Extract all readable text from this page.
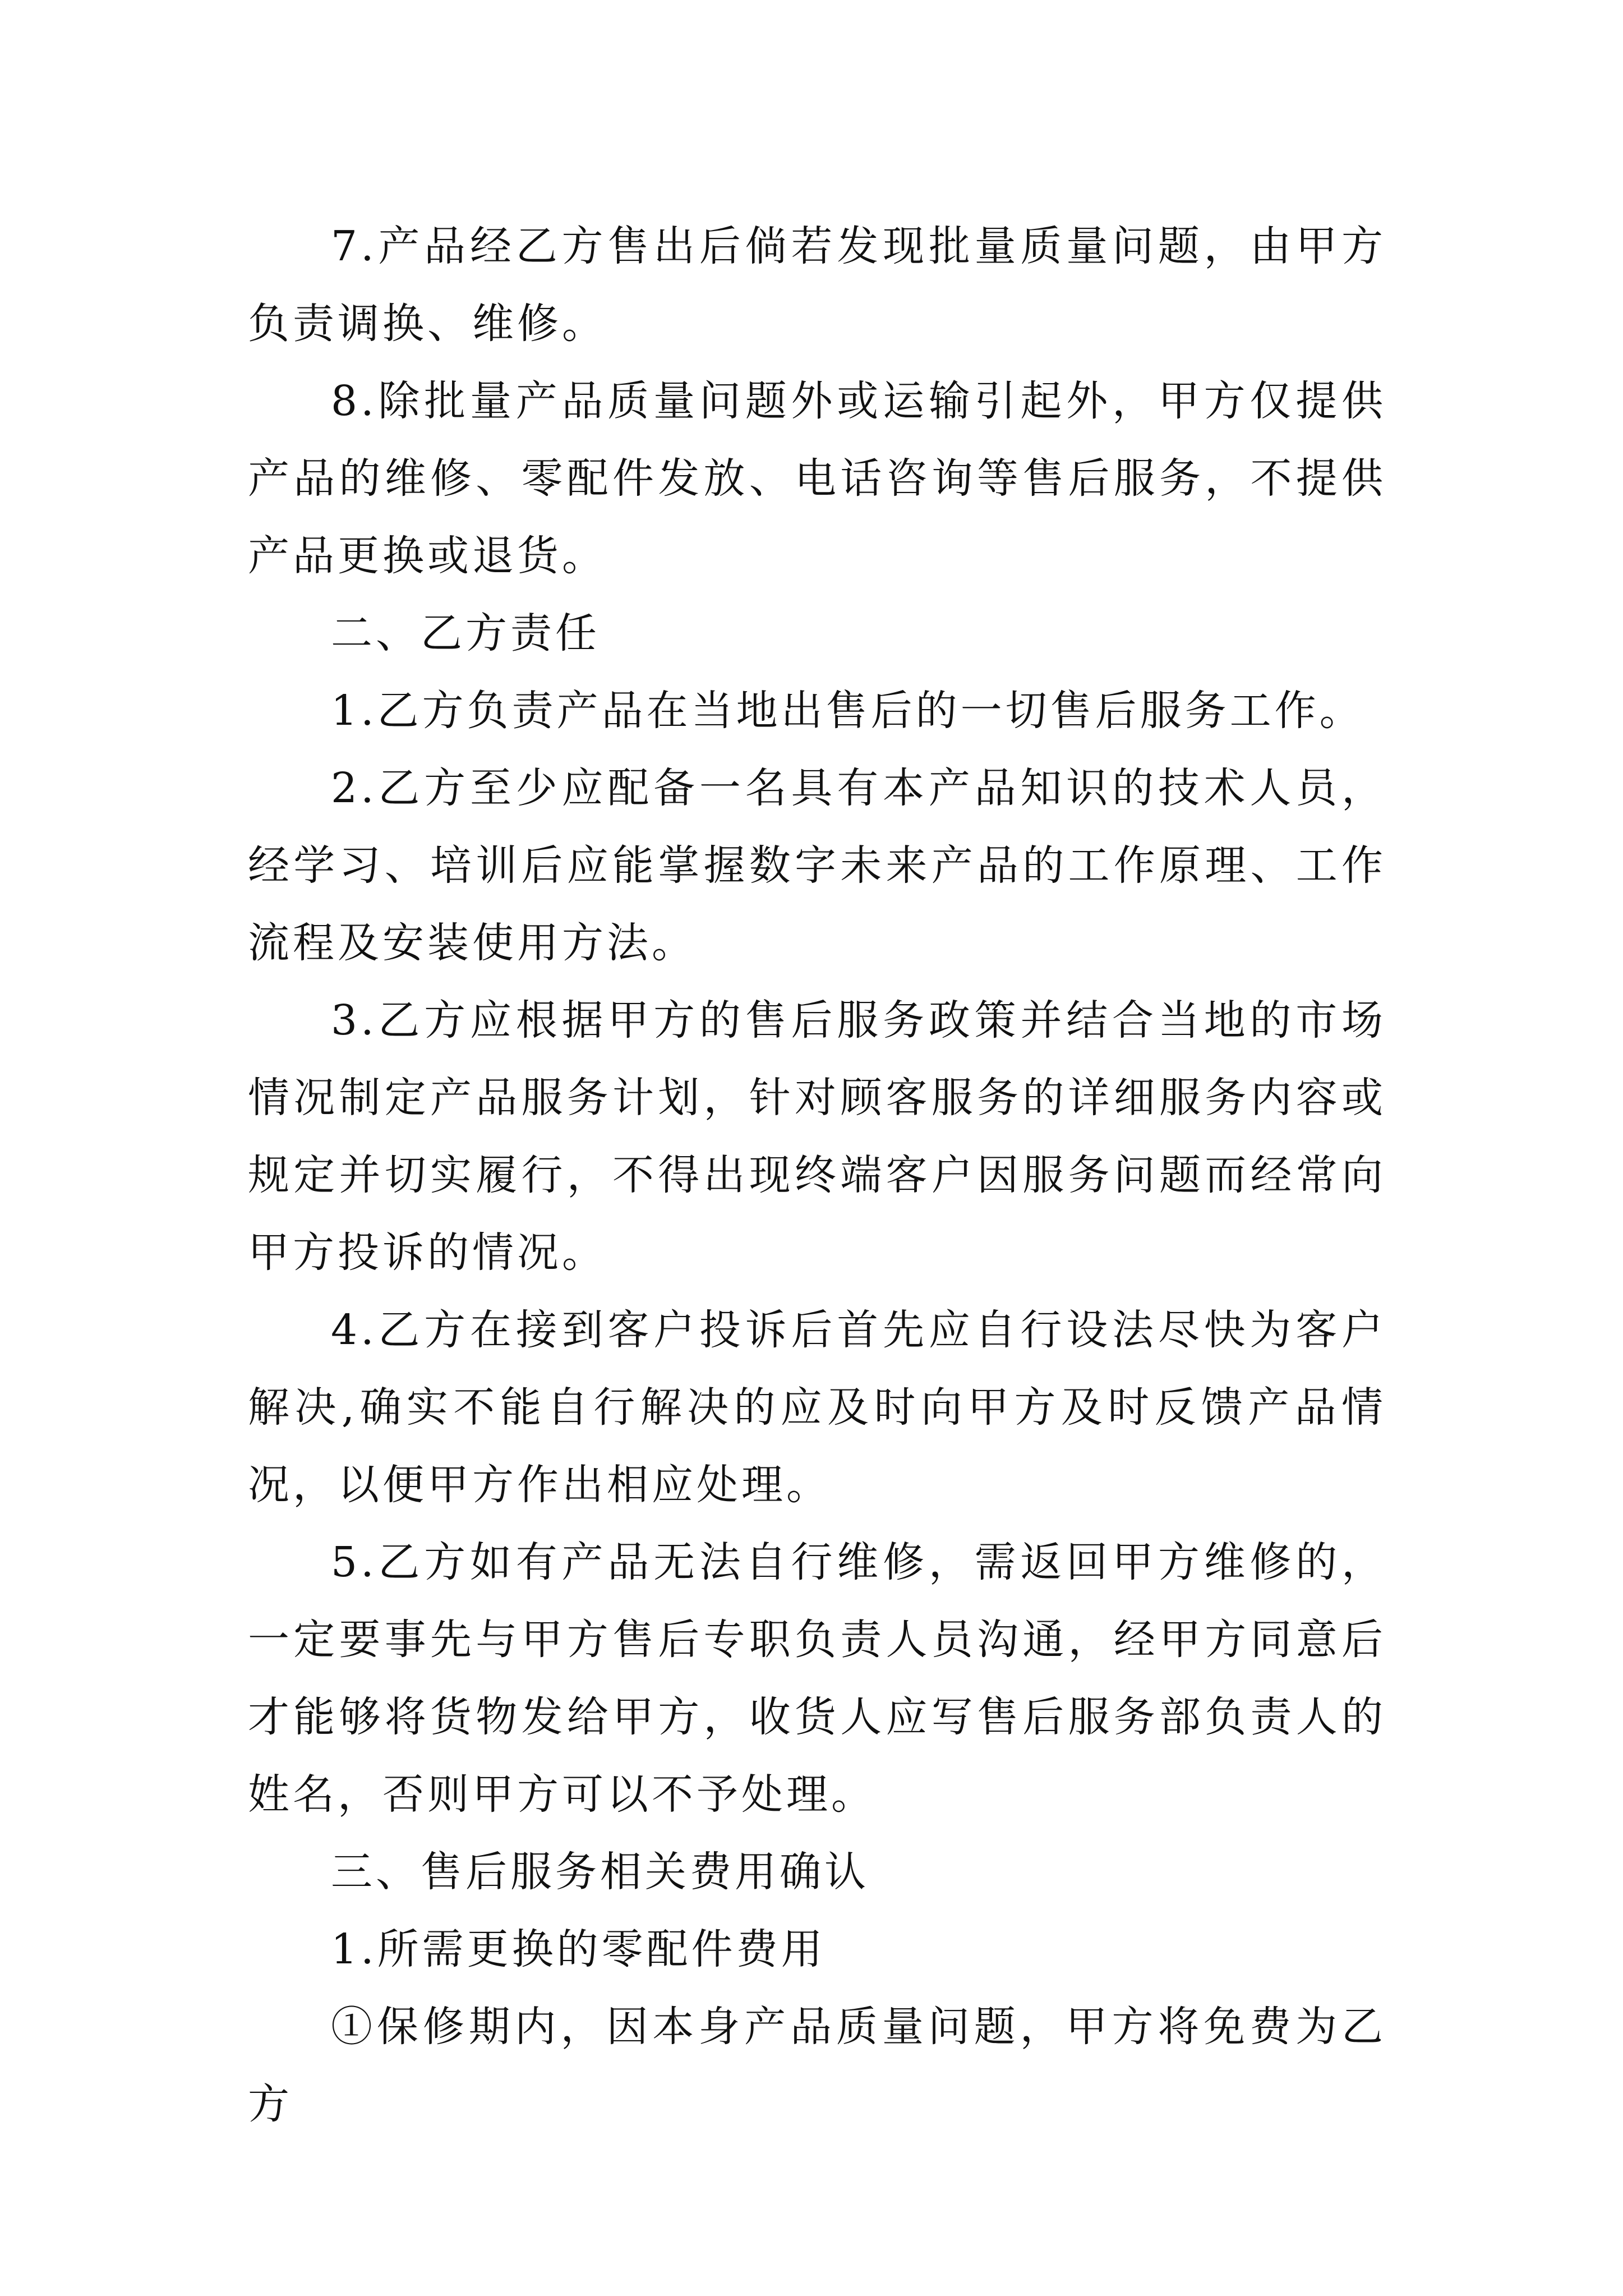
7.产品经乙方售出后倘若发现批量质量问题，由甲方负责调换、维修。

8.除批量产品质量问题外或运输引起外，甲方仅提供产品的维修、零配件发放、电话咨询等售后服务，不提供产品更换或退货。

二、乙方责任

1.乙方负责产品在当地出售后的一切售后服务工作。

2.乙方至少应配备一名具有本产品知识的技术人员，经学习、培训后应能掌握数字未来产品的工作原理、工作流程及安装使用方法。

3.乙方应根据甲方的售后服务政策并结合当地的市场情况制定产品服务计划，针对顾客服务的详细服务内容或规定并切实履行，不得出现终端客户因服务问题而经常向甲方投诉的情况。

4.乙方在接到客户投诉后首先应自行设法尽快为客户解决,确实不能自行解决的应及时向甲方及时反馈产品情况，以便甲方作出相应处理。

5.乙方如有产品无法自行维修，需返回甲方维修的，一定要事先与甲方售后专职负责人员沟通，经甲方同意后才能够将货物发给甲方，收货人应写售后服务部负责人的姓名，否则甲方可以不予处理。

三、售后服务相关费用确认

1.所需更换的零配件费用

①保修期内，因本身产品质量问题，甲方将免费为乙方
